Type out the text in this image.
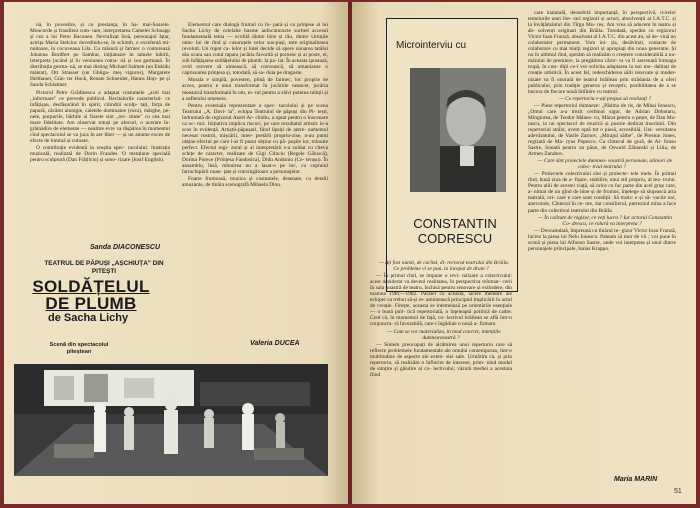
nă, în povestire, și cu prestanța, în Sa- mai-Soarele. Moncorde și fraudlent com- tare, interpretarea Camelei Schnapp și cea a lui Petre Baconeu. Nevralizat însă, personajul Iștar, actrița Maria Stelciuc dovedindu-se, în schimb, o excelentă mi- nuitoare, în cocuveaua Lila. Cu măsură și farmec o conturează Johanna Bordfert pe Samhur, inițiatoare în tainele lubirii, interpreta jucând și în versiunea roma- nă și cea germană. În distribuția germa- nă, se mai disting Michael Salmen (un Enkidu mântat), Ott Strasser (un Ghilga- meș viguros), Margarete Helthauer, Gün- ter Hock, Renate Schneider, Hanns Hop- pe și Sanda Schlattner.

Pictorul Petre Grădinescu a adaptat costumele „acel mai ,,informare" ce prevede publicul. Recitalurile caracteristi- ce înfățișau, desfășurând în spirit, cilindrii sculp- tați, forța de papură, căcămi alunigie, caletele dominante (rosu), mărghe, pe- nele, purpurile, bărbile ai fiarele sint „rec- titute" cu cea mai mare fidelitate. Am observat totuși pe alocuri, o acerare în- grămădire de elemente — nealtire evre va dispărea în momentul cînd spectacolul se va juca în aer liber — și un anume exces de efecte de lumină și culoare.

O contribuție evidentă la reușita spec- tacolului: ilustrația muzicală, realizată de Dorin Frandes. O mențiune specială pentru sculptură (Dan Frățilciu) și sono- rizare (Iosif English).

Sanda DIACONESCU
TEATRUL DE PĂPUȘI „AȘCHIUȚA" DIN PITEȘTI
SOLDĂȚELUL DE PLUMB
de Sacha Lichy
Scenă din spectacolul piteștean

Elementul care dialogă frumul cu în- pară și cu prințese al lui Sacha Lichy de celelalte basme anfocuturacte sorbed accesul fundamentală tema — ocolită dintre bine și rău, dintre virtuțile omu- lui de rînd și cusuruțele celor sus-puși, este originalitatea revoluti. Un ropot ca- lelor și lutei decide să apere onoarea tatălui său ocara sau cutul rapara jucăria favorită și pornesc și ai poste, el, sub înfățișarea soldățelului de plumb, la pa- lat. În aceasta ipostază, ovitl rezvere să uimească, să convească, să umanizeze o caprisoarea prințesa și, totodată, să sa- duia pe dragoste.

Morala e simplă, povesten, plină de farmec, loc proprie de acces, pentru e unui transformat în jucăriile neancet, jucăria meeanică transformată în om, to- tul pentru a slăvi puterea mînții și a sufletului omenesc.

Pentru eventuala reprezentare a spec- tacolului și pe scena Teatrului „A. Davi- la", echipa Teatrului de păpuși din Pi- tești, îndrumată de regizorul Aurel Ar- chidiu, a optat pentru o înscenare ca oc- tori. Inițiativa implica riscuri, pe care rezultatul artistic le-a scos în evidență. Artiștii-păpușari, fiind lipsiți de antre- namentul necesar rostirii, mișcării, inter- pretării propriu-zise, n-au putut obține efectul pe care l-ar fi putut obține cu pă- pușile lor, mînuite perfect. Efectul regi- zoral și al interpretării s-a soldat cu cîteva schițe de caracter, realizate de Gigi Clinciu (Regele Găluscă), Dorina Purece (Prințesa Fandosica), Didu Andoniu (Ce- terașu). În ansamblu, însă, mînuirea nu a lasat-o pe loc, cu cupluiul întruchipării nuan- țate și convingătoare a personajelor.

Foarte frumoasă, muzica și costumele, desenate, cu detalii amuzante, de tînăra scenografă Mihaela Dinu.

Valeria DUCEA
Microinterviu cu
CONSTANTIN CODRESCU

— Ați fost numit, de curînd, di- rectorul teatrului din Brăila. Ce probleme vi se pun, la început de drum ?

— În primul rînd, se impune o revi- talizare a colectivului: acest deziderat va deveni realitatea, în perspectiva reîntoar- cerii în sala noastră de teatru, închisă pentru renovare și extindere, din toamna 1981—1982. Paralel cu aceasta, lăcere membre ale echipei va trebui să-și re- amintească principiul implicării în actul de creație. Firește, aceasta se intemeiază pe orientările esențiale — o bună poli- tică repertorială, o înțeleaptă politică de cadre. Cred că, în momentul de față, co- lectivul brăilean se află într-o conjunctu- ră favorabilă, care-i îngăduie o nouă a- firmare.

— Cum se vor materializa, în mod concret, intențiile dumneavoastră ?

— Sintem preocupați de alcătuirea unui repertoriu care să reflecte problemele fundamentale ale omului contemporan, într-o multitudine de aspecte ale exten- siei sale. Urmărim ca, și prin repertoriu, să realizăm o înflorire de interese, prim- nind modul de simțire și gândire al co- lectivului; văzută mediei a acestuia fiind

care inaintală, deosebită importanță, în perspectivă, ivirelor temeiurile unei lite- rari regizori și actori, absolvenții ai I.A.T.C. și la învățământul din Tîrgu Mu- reș. Am vrea să aducem în teatru și ab- solvenți originari din Brăila. Totodată, sperăm cu regizorul Victor Ioan Frunză, absolvent al I.A.T.C. din acest an, să de- vină un colaborator permanent. Vom ini- ția, desăvirșit, contacte de colaborare cu mai mulți regizori și apropiați din noua generatie. Și nu în ultimul rînd, sperăm să realizăm o creștere considerabilă a nu- mărului de premiere, la pregătirea căror- ra va fi antrenată întreaga trupă, în con- diții ce-i vor solicita adaptarea la noi mo- dalitați de creație artistică. În acest fel, redeschiderea sălii renovate și moder- nizate va fi onorată de teatrul brăilean prin strădania de a oferi publicului, prin tradiție generos și receptiv, posibilitatea de a se bucura de fiecare nouă întîlnire cu teatrul.

— Ce repertoriu v-ați propus să realizați ?

— Piese repertoriul dumneze: „Pătima de ris, de Mihai Ionescu, „Omul care a-a trezit cerbinol sigur, de Adrian Dohotaru, Mingiurea, de Teodor Mănes- cu, Măcat pentru o pește, de Dan Mu- tascu, ia un spectacol de muzică și poezie dedicat tinerimii. Din repertoriul străin, avem optă tot o piesă, accesibilă, Uni- versitatea adevăratului, de Vasile Zarnov, „Mirajul sălbe", de Preston Jones, regizată de Ma- ryus Popescu. Ca cîntecul de gură, de Al- fonso Sastre, Sonată pentru un păun, de Oswald Zăbanski și Lilia, de Armen Zurabov.

— Care sînt proiectele dumnea- voastră personale, aliniori de colec- tivul teatrului ?

— Proiectele colectivului sînt și proiecte- tele mele. În primul rînd, bună ziua de a- fișare, stabilire, unui stil propriu, al tea- trului. Pentru aliii de acestei viață, să orice cu fac parte din acel grup care, a- nimat de un gînd de bine și de frumos, înțelege să slujească arta teatrală, ori- care e care sunt condiții. Să tratis: e și să- vacile noi, anevoiole, Cîntecul în ce- nte, dar consilierul, putrezind mîna a face parte din colectivul teatrului din Brăila.

— În calitate de regizor, ce veți lucra ? Iar actorul Constantin Co- drescu, ce rolură va interpreta ?

— Deocamdată, împreună cu tînărul re- gizor Victor Ioan Frunză, lucrez la piesa lui Nelu Ionescu. Pateam să mor de vii ; voi pune în scenă și piesa lui Alfonso Sastre, unde voi interpreta și unul dintre personajele principale, Isaias Krappo.

Maria MARIN
51
